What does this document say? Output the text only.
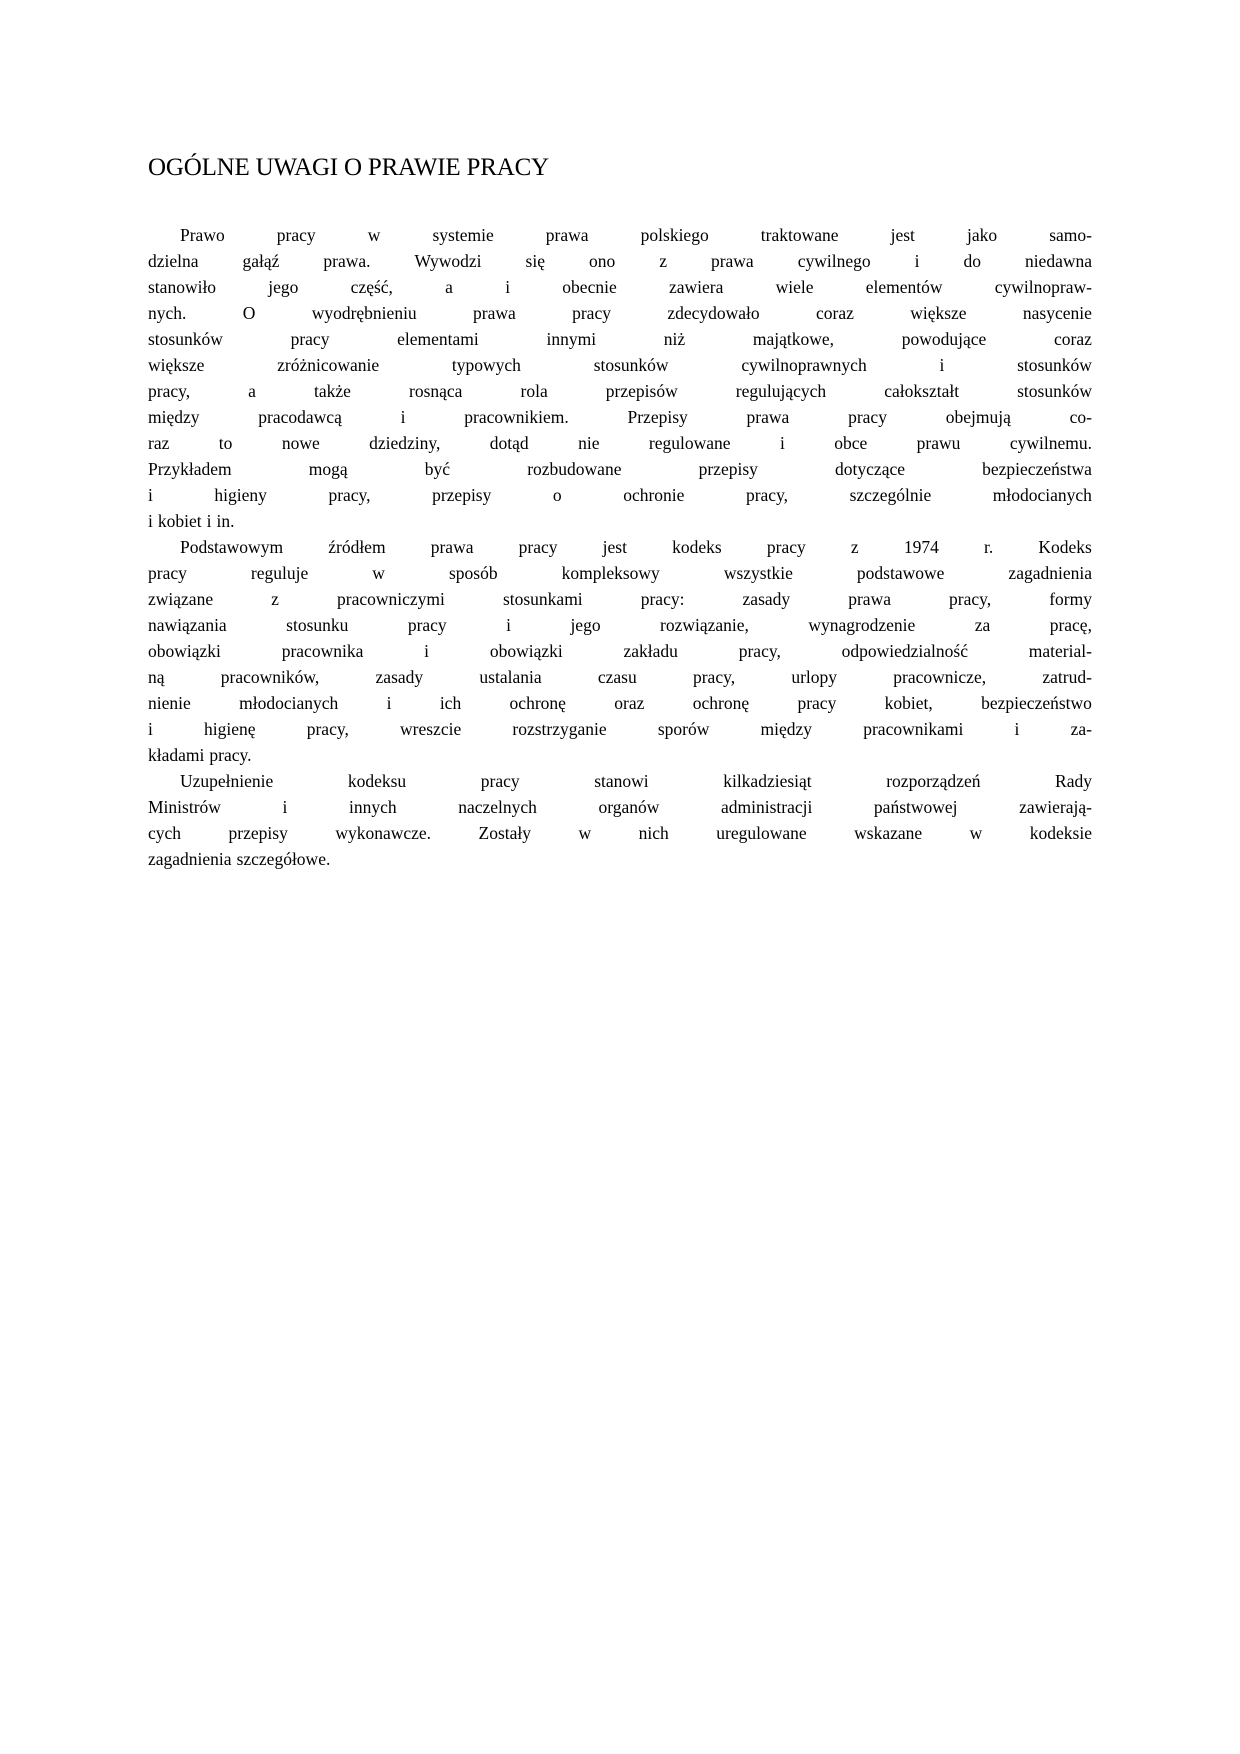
OGÓLNE UWAGI O PRAWIE PRACY
Prawo	pracy	w	systemie	prawa	polskiego	traktowane	jest	jako	samo-
dzielna	gałąź	prawa.	Wywodzi	się	ono	z	prawa	cywilnego	i	do	niedawna
stanowiło	jego	część,	a	i	obecnie	zawiera	wiele	elementów	cywilnopraw-
nych.	O	wyodrębnieniu	prawa	pracy	zdecydowało	coraz	większe	nasycenie
stosunków	pracy	elementami	innymi	niż	majątkowe,	powodujące	coraz
większe	zróżnicowanie	typowych	stosunków	cywilnoprawnych	i	stosunków
pracy,	a	także	rosnąca	rola	przepisów	regulujących	całokształt	stosunków
między	pracodawcą	i	pracownikiem.	Przepisy	prawa	pracy	obejmują	co-
raz	to	nowe	dziedziny,	dotąd	nie	regulowane	i	obce	prawu	cywilnemu.
Przykładem	mogą	być	rozbudowane	przepisy	dotyczące	bezpieczeństwa
i	higieny	pracy,	przepisy	o	ochronie	pracy,	szczególnie	młodocianych
i kobiet i in.
Podstawowym	źródłem	prawa	pracy	jest	kodeks	pracy	z	1974	r.	Kodeks
pracy	reguluje	w	sposób	kompleksowy	wszystkie	podstawowe	zagadnienia
związane	z	pracowniczymi	stosunkami	pracy:	zasady	prawa	pracy,	formy
nawiązania	stosunku	pracy	i	jego	rozwiązanie,	wynagrodzenie	za	pracę,
obowiązki	pracownika	i	obowiązki	zakładu	pracy,	odpowiedzialność	material-
ną	pracowników,	zasady	ustalania	czasu	pracy,	urlopy	pracownicze,	zatrud-
nienie	młodocianych	i	ich	ochronę	oraz	ochronę	pracy	kobiet,	bezpieczeństwo
i	higienę	pracy,	wreszcie	rozstrzyganie	sporów	między	pracownikami	i	za-
kładami pracy.
Uzupełnienie	kodeksu	pracy	stanowi	kilkadziesiąt	rozporządzeń	Rady
Ministrów	i	innych	naczelnych	organów	administracji	państwowej	zawierają-
cych	przepisy	wykonawcze.	Zostały	w	nich	uregulowane	wskazane	w	kodeksie
zagadnienia szczegółowe.
